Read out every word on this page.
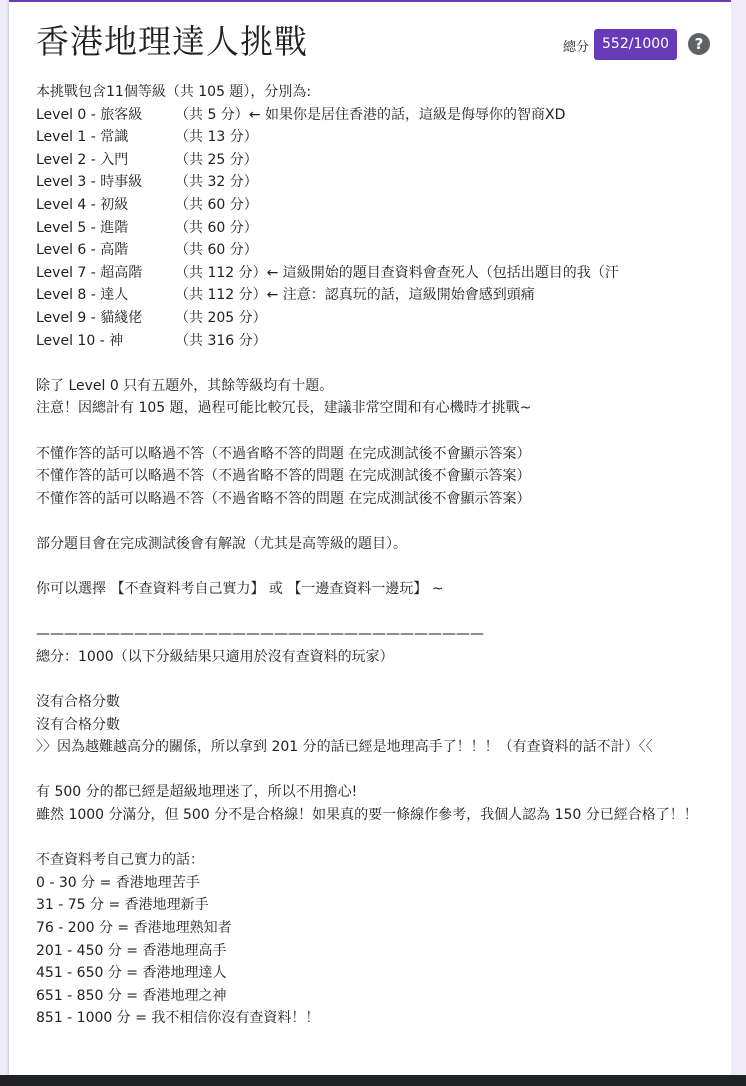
香港地理達人挑戰	總分 552/1000	?
本挑戰包含11個等級（共 105 題），分別為:
Level 0 - 旅客級 （共 5 分）← 如果你是居住香港的話，這級是侮辱你的智商XD
Level 1 - 常識	（共 13 分）
Level 2 - 入門	（共 25 分）
Level 3 - 時事級 （共 32 分）
Level 4 - 初級	（共 60 分）
Level 5 - 進階	（共 60 分）
Level 6 - 高階	（共 60 分）
Level 7 - 超高階 （共 112 分）← 這級開始的題目查資料會查死人（包括出題目的我（汗
Level 8 - 達人	（共 112 分）← 注意：認真玩的話，這級開始會感到頭痛
Level 9 - 貓綫佬 （共 205 分）
Level 10 - 神	（共 316 分）
除了 Level 0 只有五題外，其餘等級均有十題。
注意！因總計有 105 題，過程可能比較冗長，建議非常空閒和有心機時才挑戰~
不懂作答的話可以略過不答（不過省略不答的問題 在完成測試後不會顯示答案）
不懂作答的話可以略過不答（不過省略不答的問題 在完成測試後不會顯示答案）
不懂作答的話可以略過不答（不過省略不答的問題 在完成測試後不會顯示答案）
部分題目會在完成測試後會有解說（尤其是高等級的題目）。
你可以選擇 【不查資料考自己實力】 或 【一邊查資料一邊玩】 ~
————————————————————————————————
總分：1000（以下分級結果只適用於沒有查資料的玩家）
沒有合格分數
沒有合格分數
〉〉因為越難越高分的關係，所以拿到 201 分的話已經是地理高手了！！！（有查資料的話不計）〈〈
有 500 分的都已經是超級地理迷了，所以不用擔心!
雖然 1000 分滿分，但 500 分不是合格線！如果真的要一條線作參考，我個人認為 150 分已經合格了！！
不查資料考自己實力的話：
0 - 30 分 = 香港地理苦手
31 - 75 分 = 香港地理新手
76 - 200 分 = 香港地理熟知者
201 - 450 分 = 香港地理高手
451 - 650 分 = 香港地理達人
651 - 850 分 = 香港地理之神
851 - 1000 分 = 我不相信你沒有查資料！！
